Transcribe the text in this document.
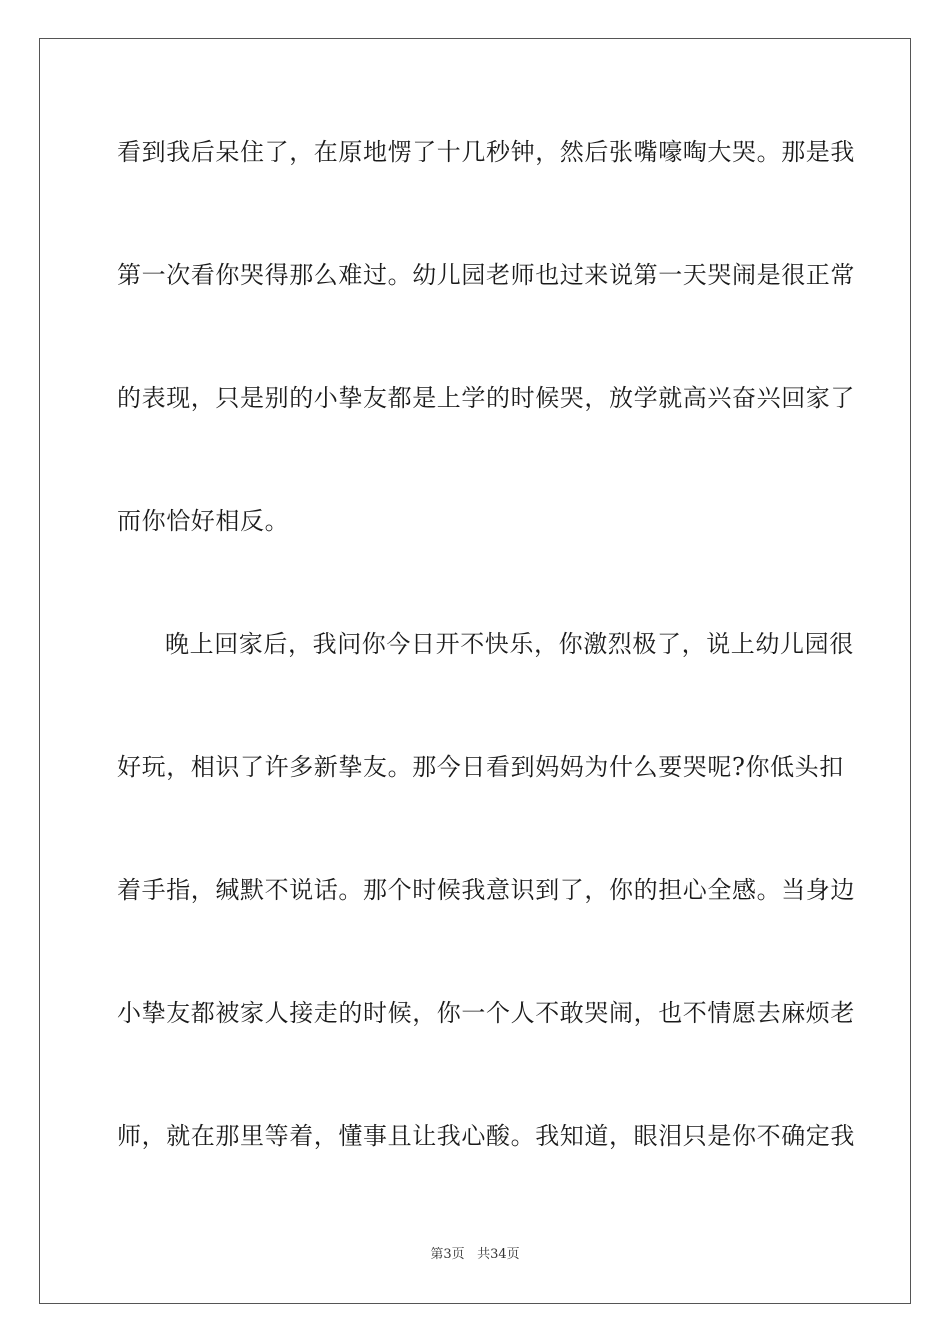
看到我后呆住了，在原地愣了十几秒钟，然后张嘴嚎啕大哭。那是我
第一次看你哭得那么难过。幼儿园老师也过来说第一天哭闹是很正常
的表现，只是别的小挚友都是上学的时候哭，放学就高兴奋兴回家了
而你恰好相反。
晚上回家后，我问你今日开不快乐，你激烈极了，说上幼儿园很
好玩，相识了许多新挚友。那今日看到妈妈为什么要哭呢?你低头扣
着手指，缄默不说话。那个时候我意识到了，你的担心全感。当身边
小挚友都被家人接走的时候，你一个人不敢哭闹，也不情愿去麻烦老
师，就在那里等着，懂事且让我心酸。我知道，眼泪只是你不确定我
第3页 共34页
